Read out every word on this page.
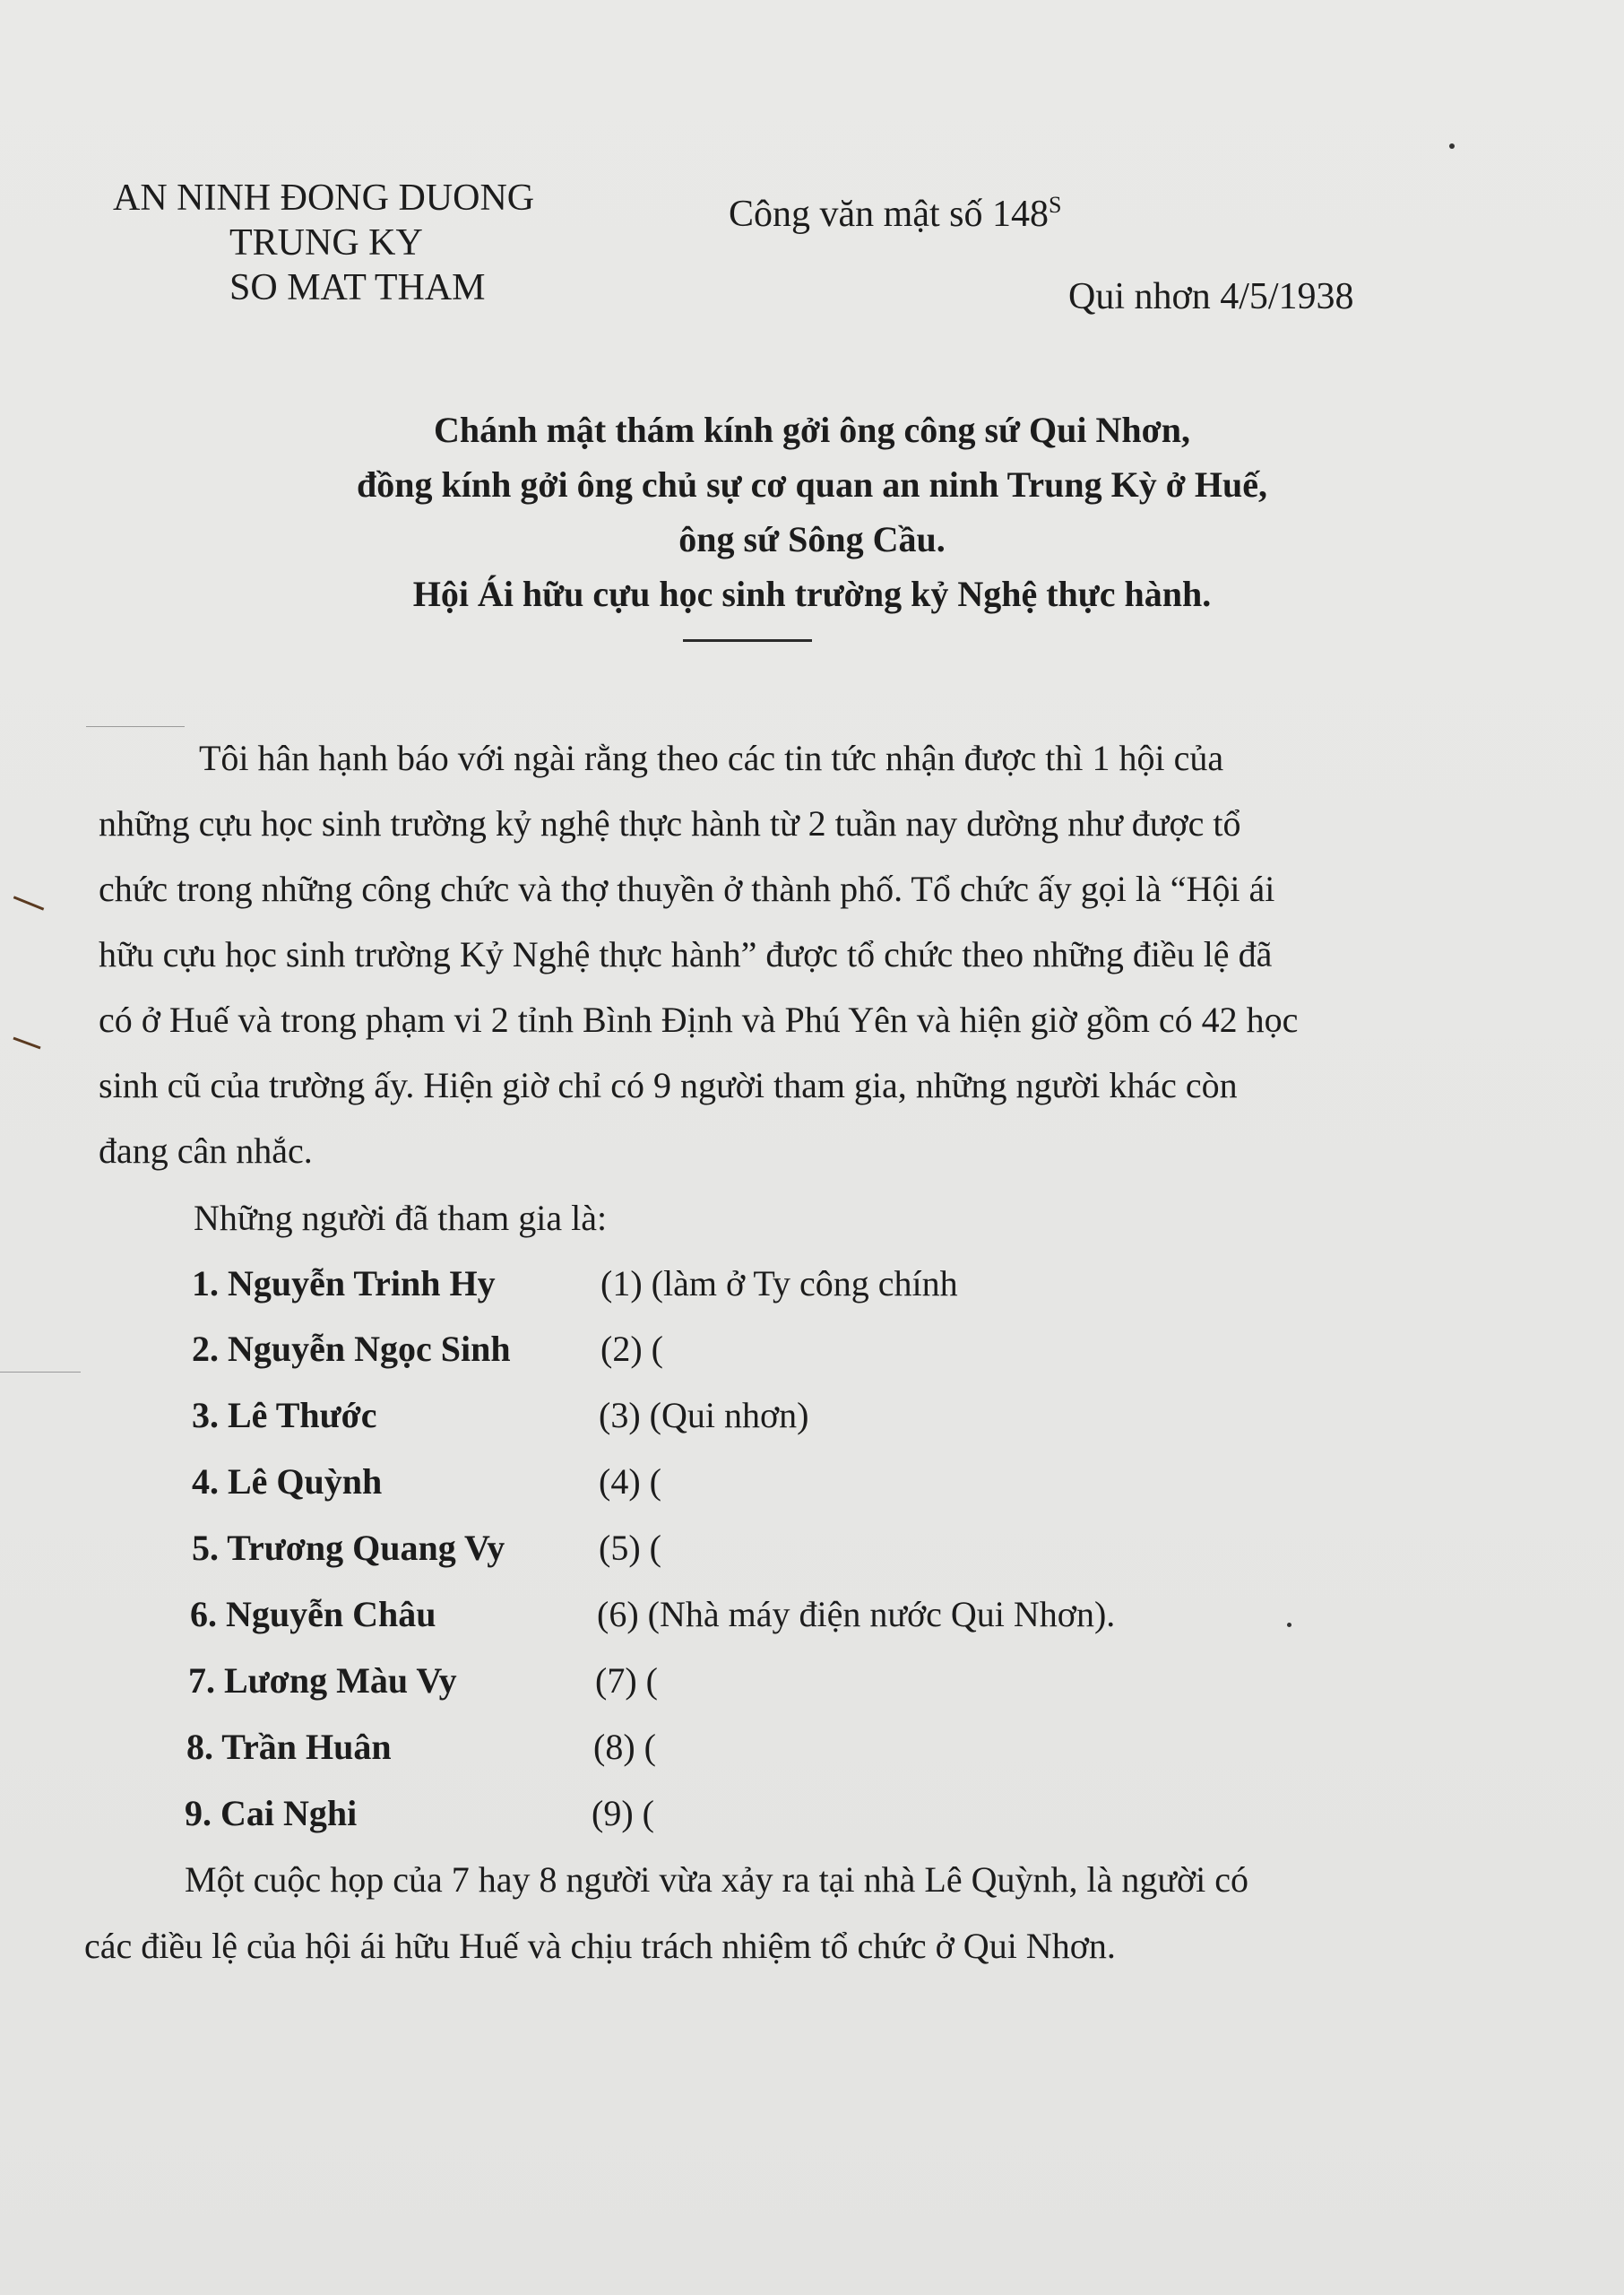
AN NINH ĐONG DUONG
TRUNG KY
SO MAT THAM
Công văn mật số $148^S$
Qui nhơn 4/5/1938
Chánh mật thám kính gởi ông công sứ Qui Nhơn,
đồng kính gởi ông chủ sự cơ quan an ninh Trung Kỳ ở Huế,
ông sứ Sông Cầu.
Hội Ái hữu cựu học sinh trường kỷ Nghệ thực hành.
Tôi hân hạnh báo với ngài rằng theo các tin tức nhận được thì 1 hội của
những cựu học sinh trường kỷ nghệ thực hành từ 2 tuần nay dường như được tổ
chức trong những công chức và thợ thuyền ở thành phố. Tổ chức ấy gọi là “Hội ái
hữu cựu học sinh trường Kỷ Nghệ thực hành” được tổ chức theo những điều lệ đã
có ở Huế và trong phạm vi 2 tỉnh Bình Định và Phú Yên và hiện giờ gồm có 42 học
sinh cũ của trường ấy. Hiện giờ chỉ có 9 người tham gia, những người khác còn
đang cân nhắc.
Những người đã tham gia là:
1. Nguyễn Trinh Hy	(1) (làm ở Ty công chính
2. Nguyễn Ngọc Sinh	(2) (
3. Lê Thước	(3) (Qui nhơn)
4. Lê Quỳnh	(4) (
5. Trương Quang Vy	(5) (
6. Nguyễn Châu	(6) (Nhà máy điện nước Qui Nhơn).
7. Lương Màu Vy	(7) (
8. Trần Huân	(8) (
9. Cai Nghi	(9) (
Một cuộc họp của 7 hay 8 người vừa xảy ra tại nhà Lê Quỳnh, là người có
các điều lệ của hội ái hữu Huế và chịu trách nhiệm tổ chức ở Qui Nhơn.
